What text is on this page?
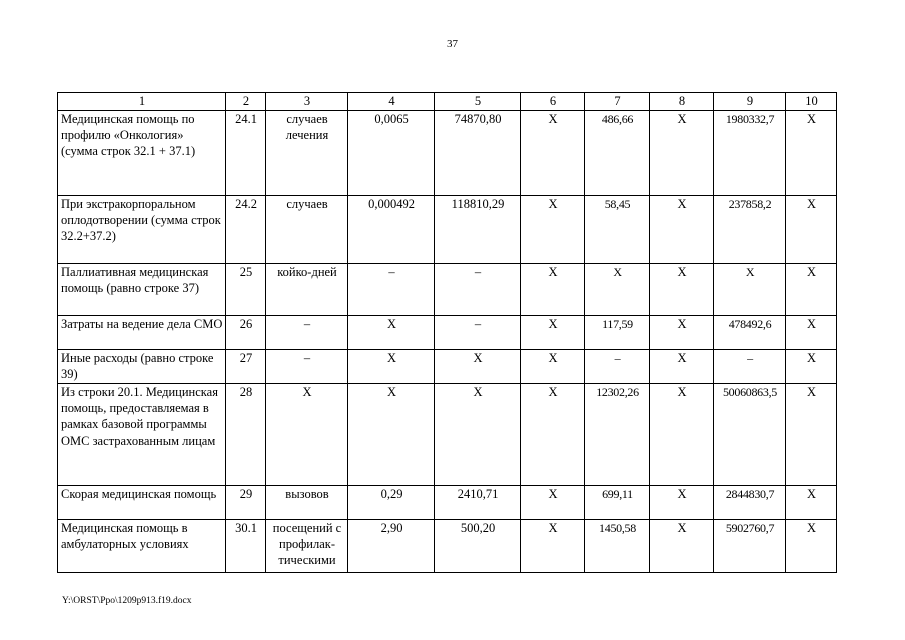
37
1	2	3	4	5	6	7	8	9	10
Медицинская помощь по профилю «Онкология» (сумма строк 32.1 + 37.1)	24.1	случаев лечения	0,0065	74870,80	Х	486,66	Х	1980332,7	Х
При экстракорпоральном оплодотворении (сумма строк 32.2+37.2)	24.2	случаев	0,000492	118810,29	Х	58,45	Х	237858,2	Х
Паллиативная медицинская помощь (равно строке 37)	25	койко-дней	–	–	Х	Х	Х	Х	Х
Затраты на ведение дела СМО	26	–	Х	–	Х	117,59	Х	478492,6	Х
Иные расходы (равно строке 39)	27	–	Х	Х	Х	–	Х	–	Х
Из строки 20.1. Медицинская помощь, предоставляемая в рамках базовой программы ОМС застрахованным лицам	28	Х	Х	Х	Х	12302,26	Х	50060863,5	Х
Скорая медицинская помощь	29	вызовов	0,29	2410,71	Х	699,11	Х	2844830,7	Х
Медицинская помощь в амбулаторных условиях	30.1	посещений с профилак-тическими	2,90	500,20	Х	1450,58	Х	5902760,7	Х
Y:\ORST\Ppo\1209p913.f19.docx
